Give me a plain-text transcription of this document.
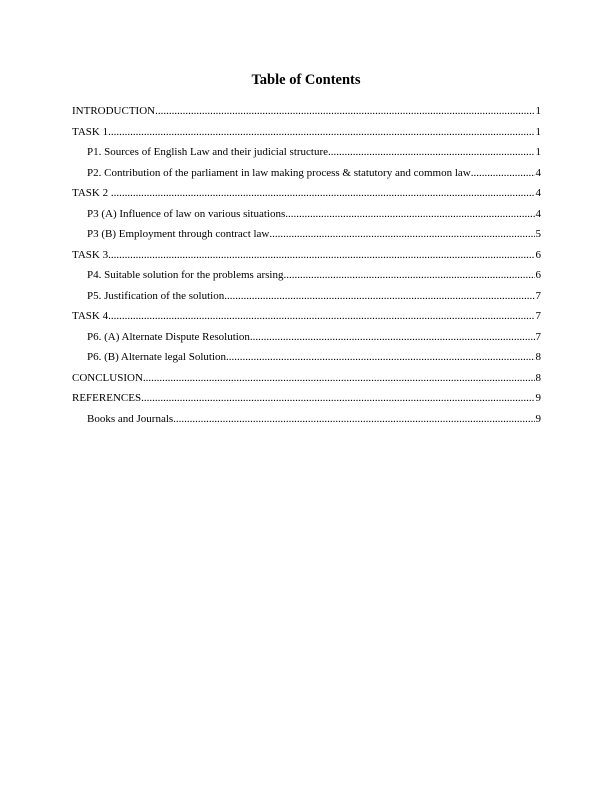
Table of Contents
INTRODUCTION .....	1
TASK 1 .....	1
P1. Sources of English Law and their judicial structure .....	1
P2. Contribution of the parliament in law making process & statutory and common law .....	4
TASK 2 .....	4
P3 (A) Influence of law on various situations .....	4
P3 (B) Employment through contract law .....	5
TASK 3 .....	6
P4. Suitable solution for the problems arsing .....	6
P5. Justification of the solution .....	7
TASK 4 .....	7
P6. (A) Alternate Dispute Resolution .....	7
P6. (B) Alternate legal Solution .....	8
CONCLUSION .....	8
REFERENCES .....	9
Books and Journals .....	9
